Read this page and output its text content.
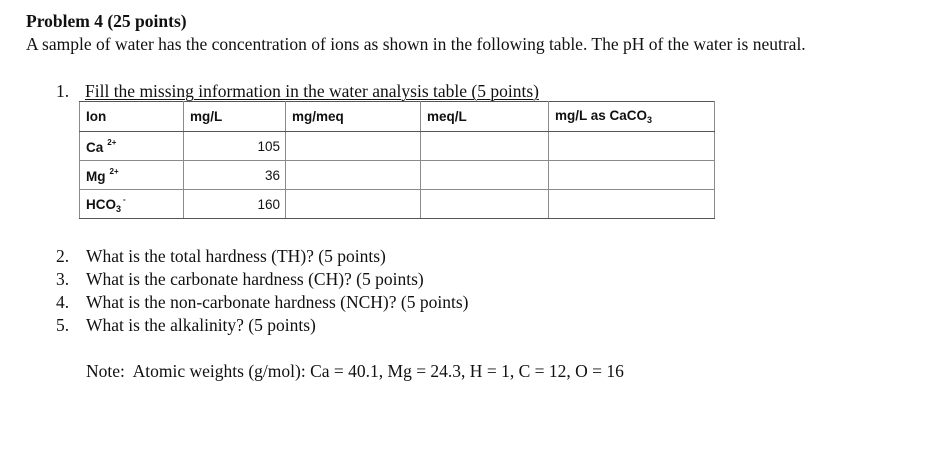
Problem 4 (25 points)
A sample of water has the concentration of ions as shown in the following table. The pH of the water is neutral.
1. Fill the missing information in the water analysis table (5 points)
Ion	mg/L	mg/meq	meq/L	mg/L as CaCO$_3$
Ca $^{2+}$	105			
Mg $^{2+}$	36			
$HCO_3^-$	160			
2. What is the total hardness (TH)? (5 points)
3. What is the carbonate hardness (CH)? (5 points)
4. What is the non-carbonate hardness (NCH)? (5 points)
5. What is the alkalinity? (5 points)
Note:  Atomic weights (g/mol): Ca = 40.1, Mg = 24.3, H = 1, C = 12, O = 16
